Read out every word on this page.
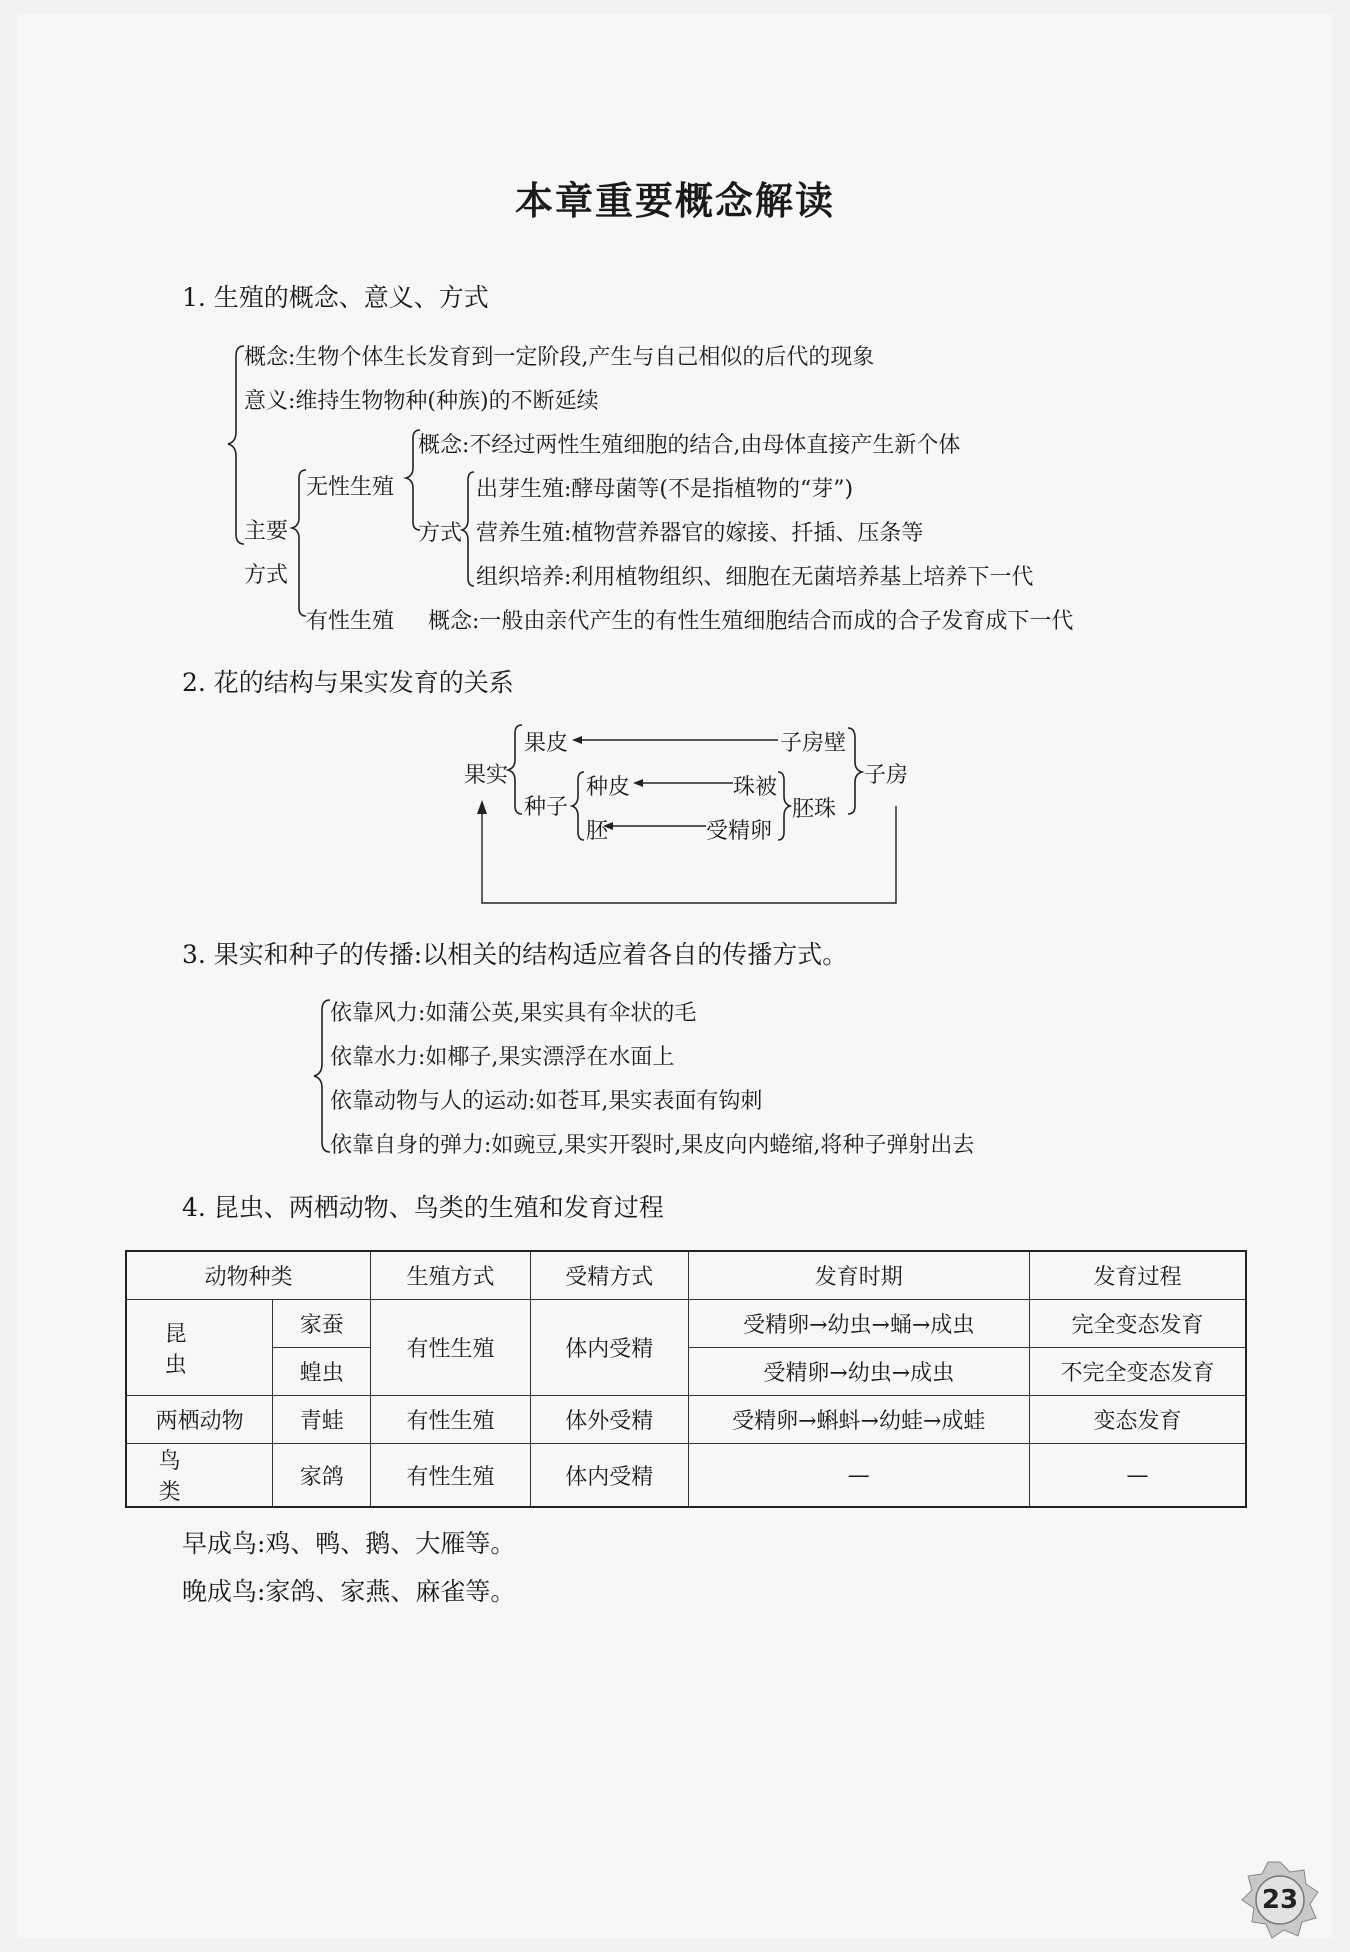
本章重要概念解读
1. 生殖的概念、意义、方式
概念:生物个体生长发育到一定阶段,产生与自己相似的后代的现象
意义:维持生物物种(种族)的不断延续
主要
方式
无性生殖
概念:不经过两性生殖细胞的结合,由母体直接产生新个体
方式
出芽生殖:酵母菌等(不是指植物的“芽”)
营养生殖:植物营养器官的嫁接、扦插、压条等
组织培养:利用植物组织、细胞在无菌培养基上培养下一代
有性生殖 概念:一般由亲代产生的有性生殖细胞结合而成的合子发育成下一代
2. 花的结构与果实发育的关系
果实
果皮
种子
种皮
胚
子房壁
珠被
受精卵
胚珠
子房
3. 果实和种子的传播:以相关的结构适应着各自的传播方式。
依靠风力:如蒲公英,果实具有伞状的毛
依靠水力:如椰子,果实漂浮在水面上
依靠动物与人的运动:如苍耳,果实表面有钩刺
依靠自身的弹力:如豌豆,果实开裂时,果皮向内蜷缩,将种子弹射出去
4. 昆虫、两栖动物、鸟类的生殖和发育过程
动物种类		生殖方式	受精方式	发育时期	发育过程
昆虫	家蚕	有性生殖	体内受精	受精卵→幼虫→蛹→成虫	完全变态发育
	蝗虫			受精卵→幼虫→成虫	不完全变态发育
两栖动物	青蛙	有性生殖	体外受精	受精卵→蝌蚪→幼蛙→成蛙	变态发育
鸟类	家鸽	有性生殖	体内受精	—	—
早成鸟:鸡、鸭、鹅、大雁等。
晚成鸟:家鸽、家燕、麻雀等。
23
